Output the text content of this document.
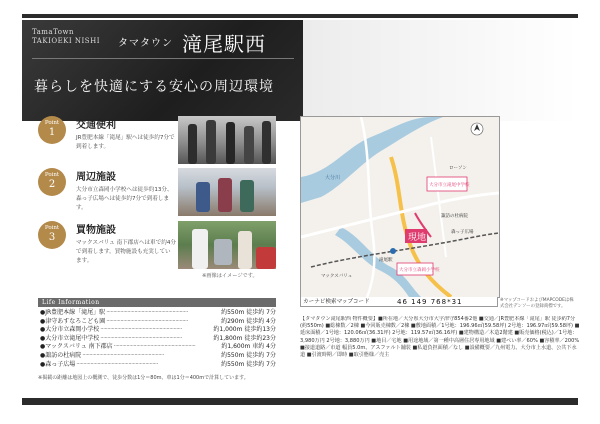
TamaTown
TAKIOEKI NISHI タマタウン 滝尾駅西
暮らしを快適にする安心の周辺環境
Point
1
交通便利
JR豊肥本線「滝尾」駅へは徒歩約7分で到着します。
Point
2
周辺施設
大分市立森岡小学校へは徒歩約13分、森っ子広場へは徒歩約7分で到着します。
Point
3
買物施設
マックスバリュ 南下郡店へは車で約4分で到着します。買物施設も充実しています。
※画像はイメージです。
Life Information
●JR豊肥本線「滝尾」駅 ··························································	約550m 徒歩約 7分
●津守あすなろこども園 ··························································	約290m 徒歩約 4分
●大分市立森岡小学校 ··························································	約1,000m 徒歩約13分
●大分市立滝尾中学校 ··························································	約1,800m 徒歩約23分
●マックスバリュ 南下郡店 ··························································	約1,600m 車約 4分
●諏訪の杜病院 ··························································	約550m 徒歩約 7分
●森っ子広場 ··························································	約550m 徒歩約 7分
※掲載の距離は地図上の概測で、徒歩分数は1分＝80m、車は1分＝400mで計算しています。
現地
大分市立滝尾中学校
大分市立森岡小学校
滝尾駅
諏訪の杜病院
森っ子広場
マックスバリュ
大分川
ローソン
カーナビ検索マップコード	46 149 768*31	※マップコードおよびMAPCODEは株式会社デンソーの登録商標です。
【タマタウン滝尾駅西 物件概要】■所在地／大分県大分市大字津守854番2他 ■交通／JR豊肥本線「滝尾」駅 徒歩約7分(約550m) ■総棟数／2棟 ■今回販売棟数／2棟 ■敷地面積／1号地：196.96㎡(59.58坪) 2号地：196.97㎡(59.58坪) ■延床面積／1号地：120.06㎡(36.31坪) 2号地：119.57㎡(36.16坪) ■建物構造／木造2階建 ■販売価格(税込)／1号地：3,980万円 2号地：3,880万円 ■地目／宅地 ■用途地域／第一種中高層住居専用地域 ■建ぺい率／60% ■容積率／200% ■接道道路／市道 幅員5.0m、アスファルト舗装 ■私道負担面積／なし ■設備概要／九州電力、大分市上水道、公共下水道 ■引渡時期／即時 ■取引態様／売主
